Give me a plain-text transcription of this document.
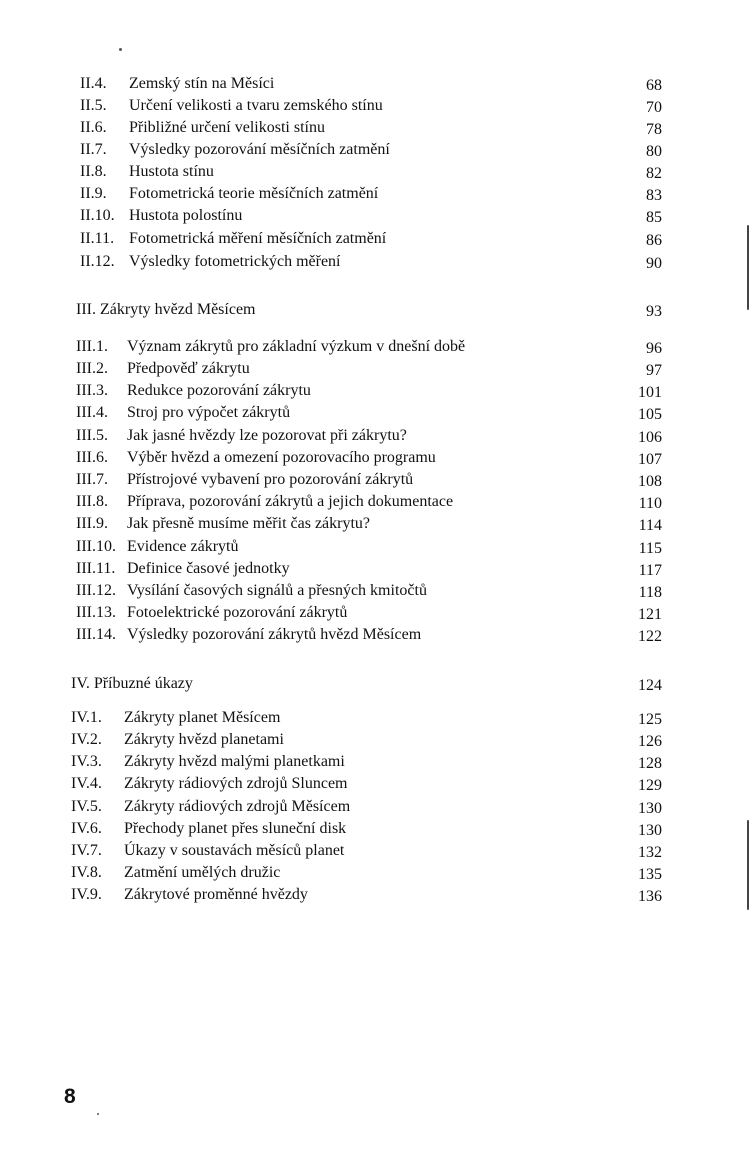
II.4. Zemský stín na Měsíci	68
II.5. Určení velikosti a tvaru zemského stínu	70
II.6. Přibližné určení velikosti stínu	78
II.7. Výsledky pozorování měsíčních zatmění	80
II.8. Hustota stínu	82
II.9. Fotometrická teorie měsíčních zatmění	83
II.10. Hustota polostínu	85
II.11. Fotometrická měření měsíčních zatmění	86
II.12. Výsledky fotometrických měření	90
III. Zákryty hvězd Měsícem	93
III.1. Význam zákrytů pro základní výzkum v dnešní době	96
III.2. Předpověď zákrytu	97
III.3. Redukce pozorování zákrytu	101
III.4. Stroj pro výpočet zákrytů	105
III.5. Jak jasné hvězdy lze pozorovat při zákrytu?	106
III.6. Výběr hvězd a omezení pozorovacího programu	107
III.7. Přístrojové vybavení pro pozorování zákrytů	108
III.8. Příprava, pozorování zákrytů a jejich dokumentace	110
III.9. Jak přesně musíme měřit čas zákrytu?	114
III.10. Evidence zákrytů	115
III.11. Definice časové jednotky	117
III.12. Vysílání časových signálů a přesných kmitočtů	118
III.13. Fotoelektrické pozorování zákrytů	121
III.14. Výsledky pozorování zákrytů hvězd Měsícem	122
IV. Příbuzné úkazy	124
IV.1. Zákryty planet Měsícem	125
IV.2. Zákryty hvězd planetami	126
IV.3. Zákryty hvězd malými planetkami	128
IV.4. Zákryty rádiových zdrojů Sluncem	129
IV.5. Zákryty rádiových zdrojů Měsícem	130
IV.6. Přechody planet přes sluneční disk	130
IV.7. Úkazy v soustavách měsíců planet	132
IV.8. Zatmění umělých družic	135
IV.9. Zákrytové proměnné hvězdy	136
8
